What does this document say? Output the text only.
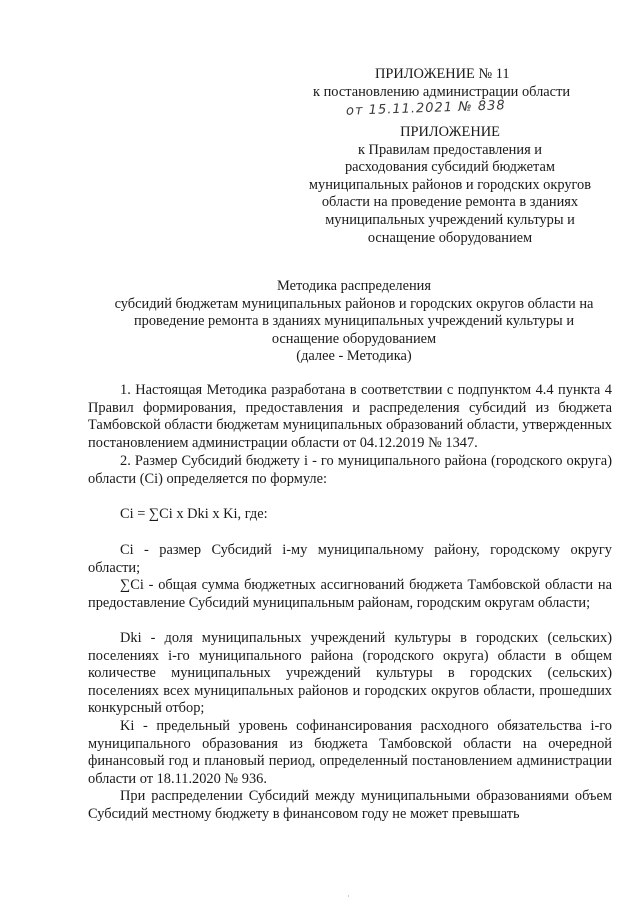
ПРИЛОЖЕНИЕ № 11
к постановлению администрации области
от 15.11.2021 № 838
ПРИЛОЖЕНИЕ
к Правилам предоставления и
расходования субсидий бюджетам
муниципальных районов и городских округов
области на проведение ремонта в зданиях
муниципальных учреждений культуры и
оснащение оборудованием
Методика распределения
субсидий бюджетам муниципальных районов и городских округов области на
проведение ремонта в зданиях муниципальных учреждений культуры и
оснащение оборудованием
(далее - Методика)
1. Настоящая Методика разработана в соответствии с подпунктом 4.4 пункта 4 Правил формирования, предоставления и распределения субсидий из бюджета Тамбовской области бюджетам муниципальных образований области, утвержденных постановлением администрации области от 04.12.2019 № 1347.
2. Размер Субсидий бюджету i - го муниципального района (городского округа) области (Ci) определяется по формуле:
Ci = ∑Ci x Dki x Ki, где:
Ci - размер Субсидий i-му муниципальному району, городскому округу области;
∑Ci - общая сумма бюджетных ассигнований бюджета Тамбовской области на предоставление Субсидий муниципальным районам, городским округам области;
Dki - доля муниципальных учреждений культуры в городских (сельских) поселениях i-го муниципального района (городского округа) области в общем количестве муниципальных учреждений культуры в городских (сельских) поселениях всех муниципальных районов и городских округов области, прошедших конкурсный отбор;
Ki - предельный уровень софинансирования расходного обязательства i-го муниципального образования из бюджета Тамбовской области на очередной финансовый год и плановый период, определенный постановлением администрации области от 18.11.2020 № 936.
При распределении Субсидий между муниципальными образованиями объем Субсидий местному бюджету в финансовом году не может превышать
·
